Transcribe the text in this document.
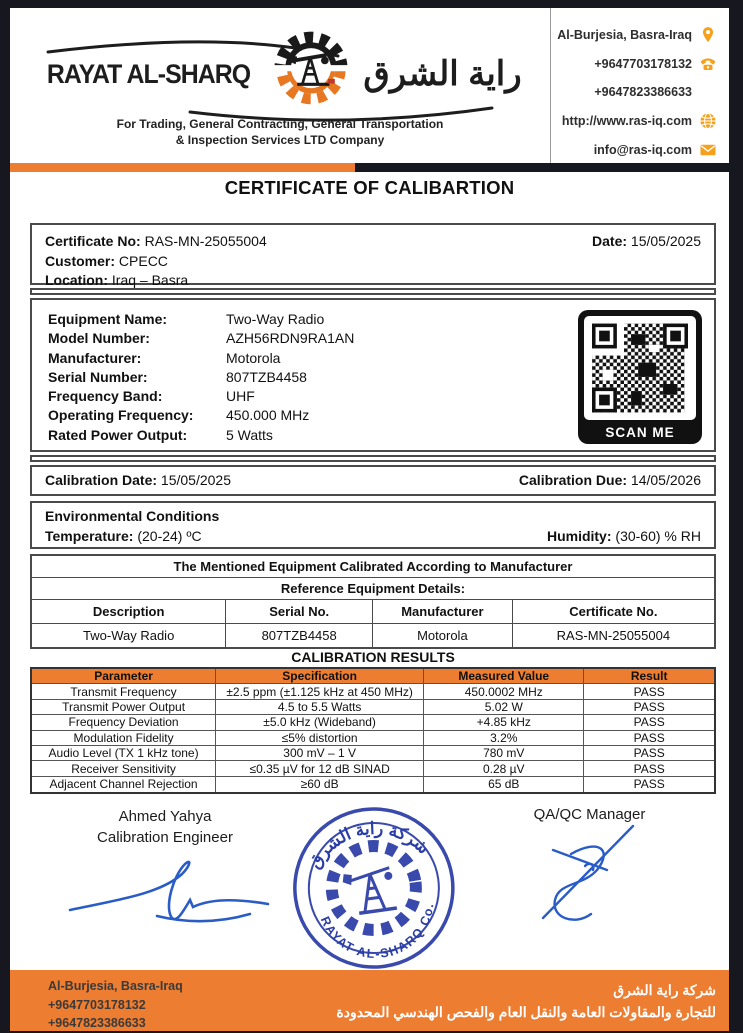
RAYAT AL-SHARQ	راية الشرق
For Trading, General Contracting, General Transportation
& Inspection Services LTD Company
Al-Burjesia, Basra-Iraq
+9647703178132
+9647823386633
http://www.ras-iq.com
info@ras-iq.com
CERTIFICATE OF CALIBARTION
Certificate No: RAS-MN-25055004	Date: 15/05/2025
Customer: CPECC
Location: Iraq – Basra
Equipment Name:	Two-Way Radio
Model Number:	AZH56RDN9RA1AN
Manufacturer:	Motorola
Serial Number:	807TZB4458
Frequency Band:	UHF
Operating Frequency:	450.000 MHz
Rated Power Output:	5 Watts	SCAN ME
Calibration Date: 15/05/2025	Calibration Due: 14/05/2026
Environmental Conditions
Temperature: (20-24) ºC	Humidity: (30-60) % RH
The Mentioned Equipment Calibrated According to Manufacturer
Reference Equipment Details:
Description	Serial No.	Manufacturer	Certificate No.
Two-Way Radio	807TZB4458	Motorola	RAS-MN-25055004
CALIBRATION RESULTS
Parameter	Specification	Measured Value	Result
Transmit Frequency	±2.5 ppm (±1.125 kHz at 450 MHz)	450.0002 MHz	PASS
Transmit Power Output	4.5 to 5.5 Watts	5.02 W	PASS
Frequency Deviation	±5.0 kHz (Wideband)	+4.85 kHz	PASS
Modulation Fidelity	≤5% distortion	3.2%	PASS
Audio Level (TX 1 kHz tone)	300 mV – 1 V	780 mV	PASS
Receiver Sensitivity	≤0.35 µV for 12 dB SINAD	0.28 µV	PASS
Adjacent Channel Rejection	≥60 dB	65 dB	PASS
Ahmed Yahya
Calibration Engineer
شركة راية الشرق
RAYAT AL-SHARQ Co.
QA/QC Manager
Al-Burjesia, Basra-Iraq
+9647703178132
+9647823386633
شركة راية الشرق
للتجارة والمقاولات العامة والنقل العام والفحص الهندسي المحدودة
